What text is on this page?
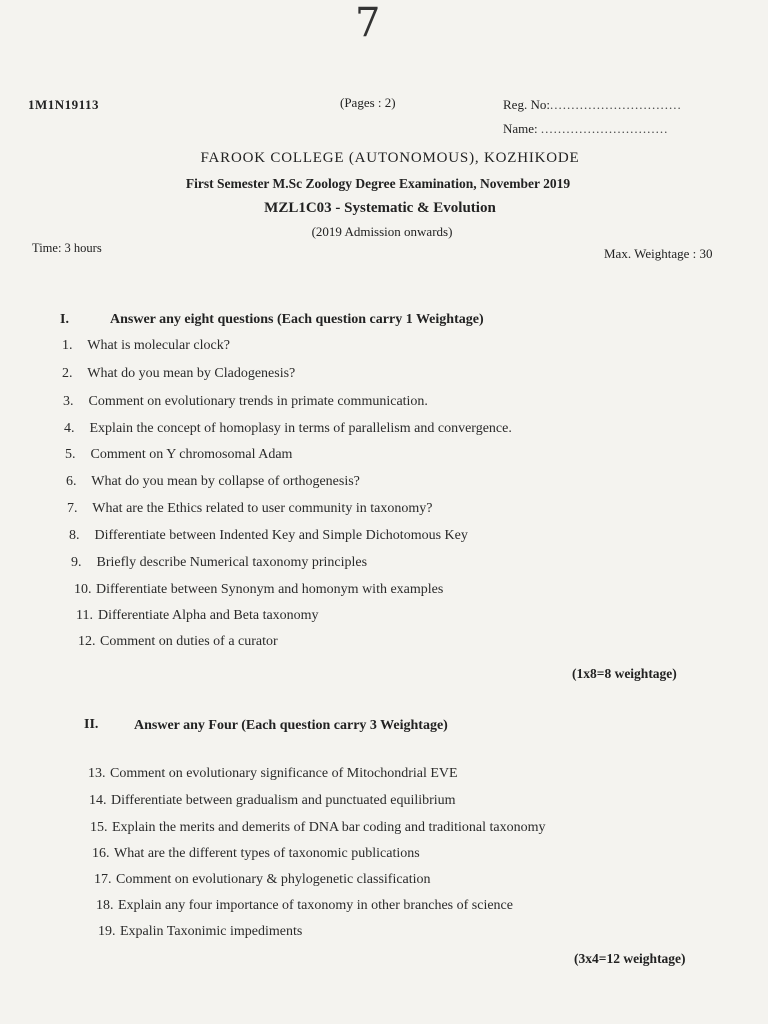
7
1M1N19113	(Pages : 2)	Reg. No:...............................
Name: ..............................
FAROOK COLLEGE (AUTONOMOUS), KOZHIKODE
First Semester M.Sc Zoology Degree Examination, November 2019
MZL1C03 - Systematic & Evolution
(2019 Admission onwards)
Time: 3 hours	Max. Weightage : 30
I.	Answer any eight questions (Each question carry 1 Weightage)
1. What is molecular clock?
2. What do you mean by Cladogenesis?
3. Comment on evolutionary trends in primate communication.
4. Explain the concept of homoplasy in terms of parallelism and convergence.
5. Comment on Y chromosomal Adam
6. What do you mean by collapse of orthogenesis?
7. What are the Ethics related to user community in taxonomy?
8. Differentiate between Indented Key and Simple Dichotomous Key
9. Briefly describe Numerical taxonomy principles
10. Differentiate between Synonym and homonym with examples
11. Differentiate Alpha and Beta taxonomy
12. Comment on duties of a curator
(1x8=8 weightage)
II.	Answer any Four (Each question carry 3 Weightage)
13. Comment on evolutionary significance of Mitochondrial EVE
14. Differentiate between gradualism and punctuated equilibrium
15. Explain the merits and demerits of DNA bar coding and traditional taxonomy
16. What are the different types of taxonomic publications
17. Comment on evolutionary & phylogenetic classification
18. Explain any four importance of taxonomy in other branches of science
19. Expalin Taxonimic impediments
(3x4=12 weightage)
